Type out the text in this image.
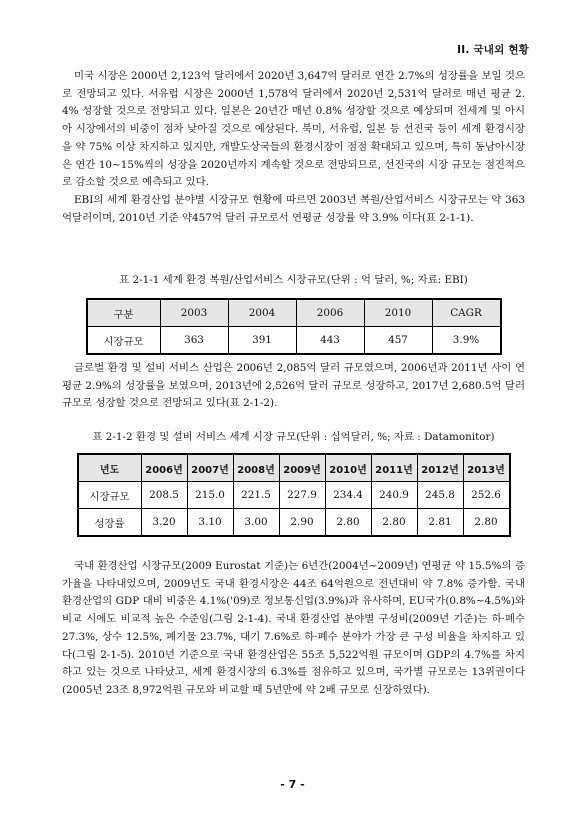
II. 국내외 현황

미국 시장은 2000년 2,123억 달러에서 2020년 3,647억 달러로 연간 2.7%의 성장률을 보일 것으로 전망되고 있다. 서유럽 시장은 2000년 1,578억 달러에서 2020년 2,531억 달러로 매년 평균 2.4% 성장할 것으로 전망되고 있다. 일본은 20년간 매년 0.8% 성장할 것으로 예상되며 전세계 및 아시아 시장에서의 비중이 점차 낮아질 것으로 예상된다. 북미, 서유럽, 일본 등 선진국 등이 세계 환경시장을 약 75% 이상 차지하고 있지만, 개발도상국들의 환경시장이 점점 확대되고 있으며, 특히 동남아시장은 연간 10~15%씩의 성장을 2020년까지 계속할 것으로 전망되므로, 선진국의 시장 규모는 점진적으로 감소할 것으로 예측되고 있다.

EBI의 세계 환경산업 분야별 시장규모 현황에 따르면 2003년 복원/산업서비스 시장규모는 약 363억달러이며, 2010년 기준 약457억 달러 규모로서 연평균 성장률 약 3.9% 이다(표 2-1-1).

표 2-1-1 세계 환경 복원/산업서비스 시장규모(단위 : 억 달러, %; 자료: EBI)

구분	2003	2004	2006	2010	CAGR
시장규모	363	391	443	457	3.9%

글로벌 환경 및 설비 서비스 산업은 2006년 2,085억 달러 규모였으며, 2006년과 2011년 사이 연평균 2.9%의 성장률을 보였으며, 2013년에 2,526억 달러 규모로 성장하고, 2017년 2,680.5억 달러 규모로 성장할 것으로 전망되고 있다(표 2-1-2).

표 2-1-2 환경 및 설비 서비스 세계 시장 규모(단위 : 십억달러, %; 자료 : Datamonitor)

년도	2006년	2007년	2008년	2009년	2010년	2011년	2012년	2013년
시장규모	208.5	215.0	221.5	227.9	234.4	240.9	245.8	252.6
성장률	3.20	3.10	3.00	2.90	2.80	2.80	2.81	2.80

국내 환경산업 시장규모(2009 Eurostat 기준)는 6년간(2004년~2009년) 연평균 약 15.5%의 증가율을 나타내었으며, 2009년도 국내 환경시장은 44조 64억원으로 전년대비 약 7.8% 증가함. 국내 환경산업의 GDP 대비 비중은 4.1%('09)로 정보통신업(3.9%)과 유사하며, EU국가(0.8%~4.5%)와 비교 시에도 비교적 높은 수준임(그림 2-1-4). 국내 환경산업 분야별 구성비(2009년 기준)는 하·폐수 27.3%, 상수 12.5%, 폐기물 23.7%, 대기 7.6%로 하·폐수 분야가 가장 큰 구성 비율을 차지하고 있다(그림 2-1-5). 2010년 기준으로 국내 환경산업은 55조 5,522억원 규모이며 GDP의 4.7%를 차지하고 있는 것으로 나타났고, 세계 환경시장의 6.3%를 점유하고 있으며, 국가별 규모로는 13위권이다(2005년 23조 8,972억원 규모와 비교할 때 5년만에 약 2배 규모로 신장하였다).

- 7 -
